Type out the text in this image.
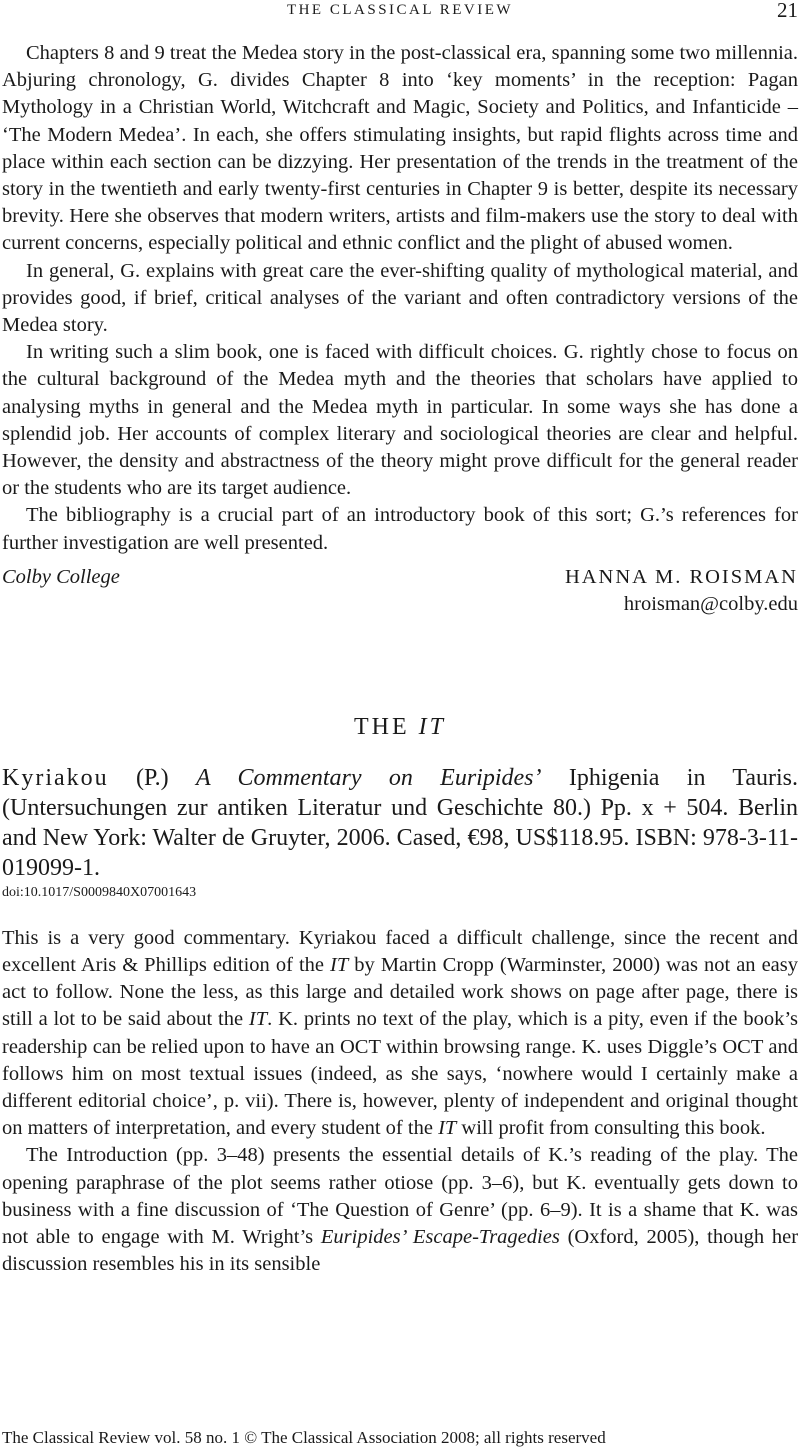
THE CLASSICAL REVIEW	21

Chapters 8 and 9 treat the Medea story in the post-classical era, spanning some two millennia. Abjuring chronology, G. divides Chapter 8 into ‘key moments’ in the reception: Pagan Mythology in a Christian World, Witchcraft and Magic, Society and Politics, and Infanticide – ‘The Modern Medea’. In each, she offers stimulating insights, but rapid flights across time and place within each section can be dizzying. Her presentation of the trends in the treatment of the story in the twentieth and early twenty-first centuries in Chapter 9 is better, despite its necessary brevity. Here she observes that modern writers, artists and film-makers use the story to deal with current concerns, especially political and ethnic conflict and the plight of abused women.

In general, G. explains with great care the ever-shifting quality of mythological material, and provides good, if brief, critical analyses of the variant and often contradictory versions of the Medea story.

In writing such a slim book, one is faced with difficult choices. G. rightly chose to focus on the cultural background of the Medea myth and the theories that scholars have applied to analysing myths in general and the Medea myth in particular. In some ways she has done a splendid job. Her accounts of complex literary and sociological theories are clear and helpful. However, the density and abstractness of the theory might prove difficult for the general reader or the students who are its target audience.

The bibliography is a crucial part of an introductory book of this sort; G.’s references for further investigation are well presented.

Colby College	HANNA M. ROISMAN
hroisman@colby.edu
THE IT
Kyriakou (P.) A Commentary on Euripides’ Iphigenia in Tauris. (Untersuchungen zur antiken Literatur und Geschichte 80.) Pp. x + 504. Berlin and New York: Walter de Gruyter, 2006. Cased, €98, US$118.95. ISBN: 978-3-11-019099-1.
doi:10.1017/S0009840X07001643

This is a very good commentary. Kyriakou faced a difficult challenge, since the recent and excellent Aris & Phillips edition of the IT by Martin Cropp (Warminster, 2000) was not an easy act to follow. None the less, as this large and detailed work shows on page after page, there is still a lot to be said about the IT. K. prints no text of the play, which is a pity, even if the book’s readership can be relied upon to have an OCT within browsing range. K. uses Diggle’s OCT and follows him on most textual issues (indeed, as she says, ‘nowhere would I certainly make a different editorial choice’, p. vii). There is, however, plenty of independent and original thought on matters of interpretation, and every student of the IT will profit from consulting this book.

The Introduction (pp. 3–48) presents the essential details of K.’s reading of the play. The opening paraphrase of the plot seems rather otiose (pp. 3–6), but K. eventually gets down to business with a fine discussion of ‘The Question of Genre’ (pp. 6–9). It is a shame that K. was not able to engage with M. Wright’s Euripides’ Escape-Tragedies (Oxford, 2005), though her discussion resembles his in its sensible

The Classical Review vol. 58 no. 1 © The Classical Association 2008; all rights reserved
